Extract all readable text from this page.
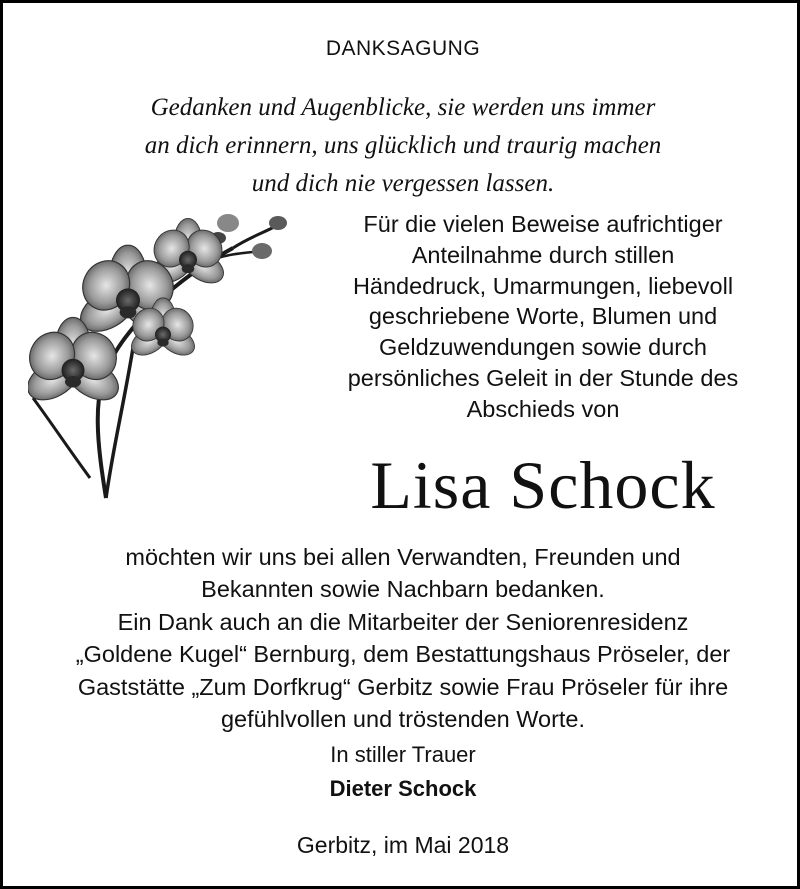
DANKSAGUNG
Gedanken und Augenblicke, sie werden uns immer
an dich erinnern, uns glücklich und traurig machen
und dich nie vergessen lassen.
Für die vielen Beweise aufrichtiger
Anteilnahme durch stillen
Händedruck, Umarmungen, liebevoll
geschriebene Worte, Blumen und
Geldzuwendungen sowie durch
persönliches Geleit in der Stunde des
Abschieds von
Lisa Schock
möchten wir uns bei allen Verwandten, Freunden und
Bekannten sowie Nachbarn bedanken.
Ein Dank auch an die Mitarbeiter der Seniorenresidenz
„Goldene Kugel“ Bernburg, dem Bestattungshaus Pröseler, der
Gaststätte „Zum Dorfkrug“ Gerbitz sowie Frau Pröseler für ihre
gefühlvollen und tröstenden Worte.
In stiller Trauer
Dieter Schock
Gerbitz, im Mai 2018
